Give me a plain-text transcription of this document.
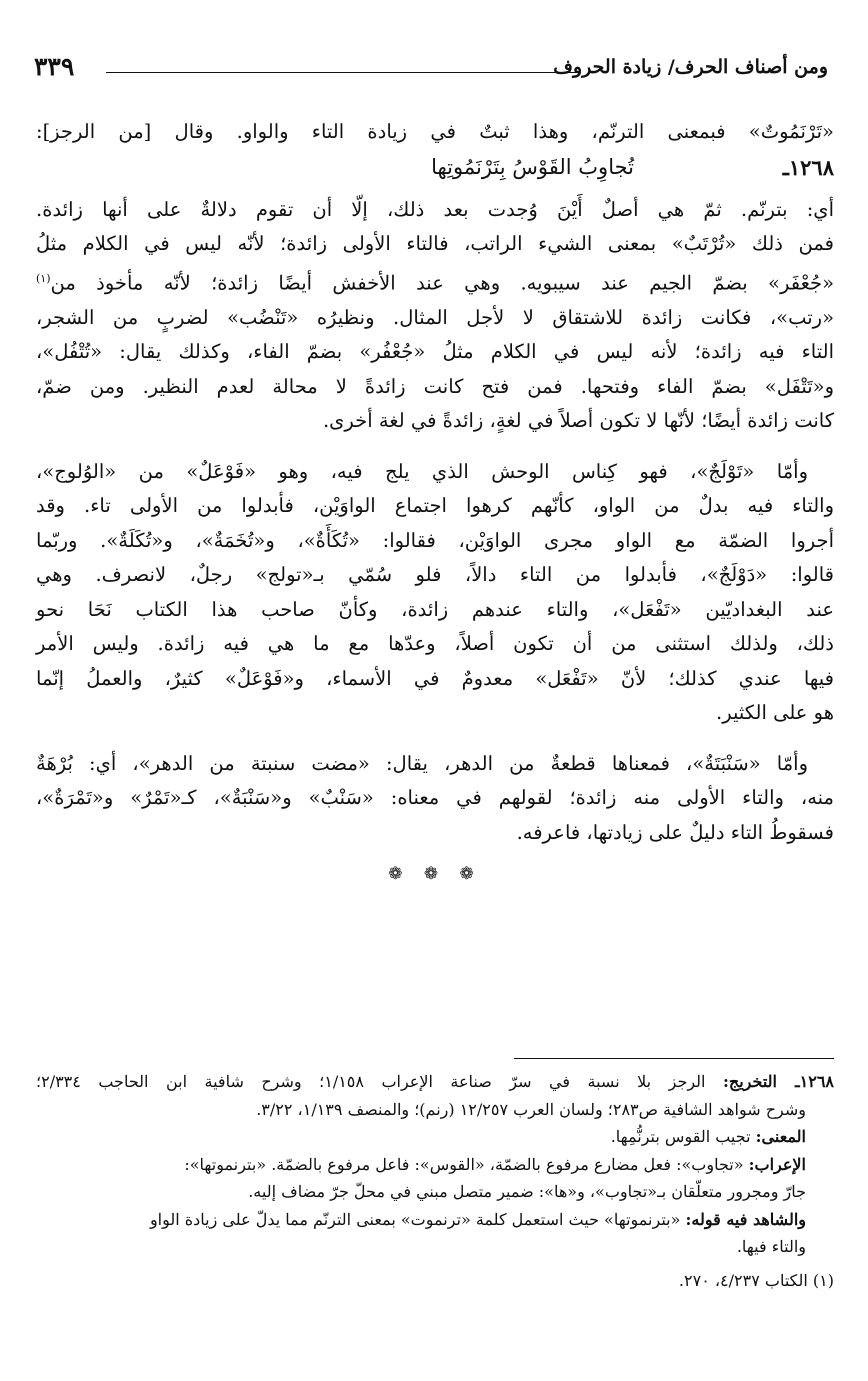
ومن أصناف الحرف/ زيادة الحروف
٣٣٩
«تَرْنَمُوتٌ» فبمعنى الترنّم، وهذا ثبتٌ في زيادة التاء والواو. وقال [من الرجز]:
١٢٦٨ـ
تُجاوِبُ القَوْسُ بِتَرْنَمُوتِها
أي: بترنّم. ثمّ هي أصلٌ أَيْنَ وُجدت بعد ذلك، إلّا أن تقوم دلالةٌ على أنها زائدة.
فمن ذلك «تُرْتَبٌ» بمعنى الشيء الراتب، فالتاء الأولى زائدة؛ لأنّه ليس في الكلام مثلُ
«جُعْفَر» بضمّ الجيم عند سيبويه. وهي عند الأخفش أيضًا زائدة؛ لأنّه مأخوذ من$^{(١)}$
«رتب»، فكانت زائدة للاشتقاق لا لأجل المثال. ونظيرُه «تَنْضُب» لضربٍ من الشجر،
التاء فيه زائدة؛ لأنه ليس في الكلام مثلُ «جُعْفُر» بضمّ الفاء، وكذلك يقال: «تُتْفُل»،
و«تَتْفَل» بضمّ الفاء وفتحها. فمن فتح كانت زائدةً لا محالة لعدم النظير. ومن ضمّ،
كانت زائدة أيضًا؛ لأنّها لا تكون أصلاً في لغةٍ، زائدةً في لغة أخرى.
وأمّا «تَوْلَجٌ»، فهو كِناس الوحش الذي يلج فيه، وهو «فَوْعَلٌ» من «الوُلوج»،
والتاء فيه بدلٌ من الواو، كأنّهم كرهوا اجتماع الواوَيْن، فأبدلوا من الأولى تاء. وقد
أجروا الضمّة مع الواو مجرى الواوَيْن، فقالوا: «تُكَأَةٌ»، و«تُخَمَةٌ»، و«تُكَلَةٌ». وربّما
قالوا: «دَوْلَجٌ»، فأبدلوا من التاء دالاً، فلو سُمّي بـ«تولج» رجلٌ، لانصرف. وهي
عند البغداديّين «تَفْعَل»، والتاء عندهم زائدة، وكأنّ صاحب هذا الكتاب نَحَا نحو
ذلك، ولذلك استثنى من أن تكون أصلاً، وعدّها مع ما هي فيه زائدة. وليس الأمر
فيها عندي كذلك؛ لأنّ «تَفْعَل» معدومٌ في الأسماء، و«فَوْعَلٌ» كثيرٌ، والعملُ إنّما
هو على الكثير.
وأمّا «سَنْبَتَةٌ»، فمعناها قطعةٌ من الدهر، يقال: «مضت سنبتة من الدهر»، أي: بُرْهَةٌ
منه، والتاء الأولى منه زائدة؛ لقولهم في معناه: «سَنْبٌ» و«سَنْبَةٌ»، كـ«تَمْرٌ» و«تَمْرَةٌ»،
فسقوطُ التاء دليلٌ على زيادتها، فاعرفه.
❁ ❁ ❁
١٢٦٨ـ التخريج: الرجز بلا نسبة في سرّ صناعة الإعراب ١/١٥٨؛ وشرح شافية ابن الحاجب ٢/٣٣٤؛
وشرح شواهد الشافية ص٢٨٣؛ ولسان العرب ١٢/٢٥٧ (رنم)؛ والمنصف ١/١٣٩، ٣/٢٢.
المعنى: تجيب القوس بترنُّمِها.
الإعراب: «تجاوب»: فعل مضارع مرفوع بالضمّة، «القوس»: فاعل مرفوع بالضمّة. «بترنموتها»:
جارّ ومجرور متعلّقان بـ«تجاوب»، و«ها»: ضمير متصل مبني في محلّ جرّ مضاف إليه.
والشاهد فيه قوله: «بترنموتها» حيث استعمل كلمة «ترنموت» بمعنى الترنّم مما يدلّ على زيادة الواو
والتاء فيها.
(١) الكتاب ٤/٢٣٧، ٢٧٠.
